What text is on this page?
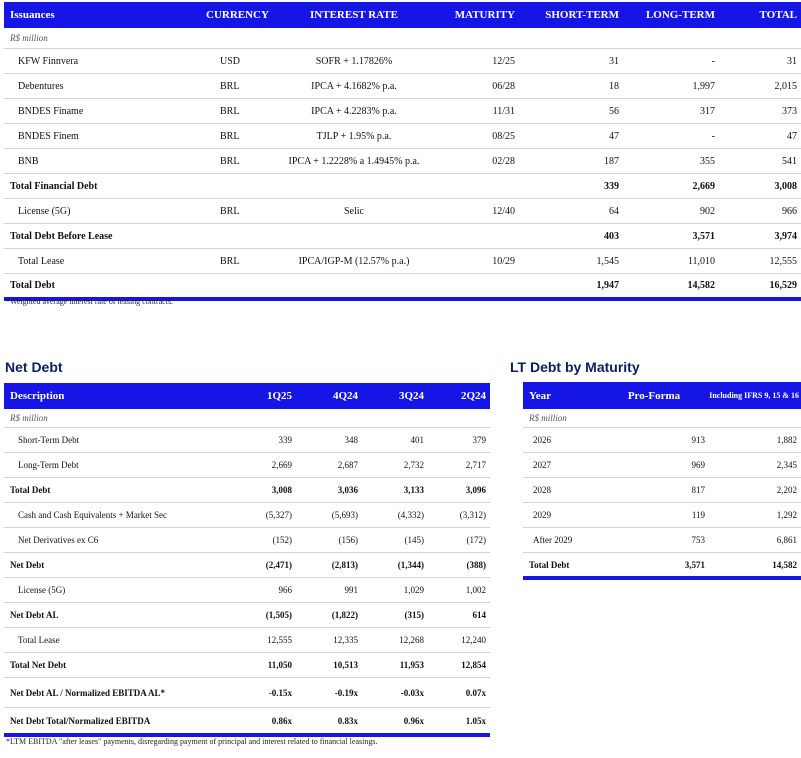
Issuances	CURRENCY	INTEREST RATE	MATURITY	SHORT-TERM	LONG-TERM	TOTAL
R$ million						
KFW Finnvera	USD	SOFR + 1.17826%	12/25	31	-	31
Debentures	BRL	IPCA + 4.1682% p.a.	06/28	18	1,997	2,015
BNDES Finame	BRL	IPCA + 4.2283% p.a.	11/31	56	317	373
BNDES Finem	BRL	TJLP + 1.95% p.a.	08/25	47	-	47
BNB	BRL	IPCA + 1.2228% a 1.4945% p.a.	02/28	187	355	541
Total Financial Debt				339	2,669	3,008
License (5G)	BRL	Selic	12/40	64	902	966
Total Debt Before Lease				403	3,571	3,974
Total Lease	BRL	IPCA/IGP-M (12.57% p.a.)	10/29	1,545	11,010	12,555
Total Debt				1,947	14,582	16,529
*Weighted average interest rate of leasing contracts.
Net Debt
Description	1Q25	4Q24	3Q24	2Q24
R$ million				
Short-Term Debt	339	348	401	379
Long-Term Debt	2,669	2,687	2,732	2,717
Total Debt	3,008	3,036	3,133	3,096
Cash and Cash Equivalents + Market Sec	(5,327)	(5,693)	(4,332)	(3,312)
Net Derivatives ex C6	(152)	(156)	(145)	(172)
Net Debt	(2,471)	(2,813)	(1,344)	(388)
License (5G)	966	991	1,029	1,002
Net Debt AL	(1,505)	(1,822)	(315)	614
Total Lease	12,555	12,335	12,268	12,240
Total Net Debt	11,050	10,513	11,953	12,854
Net Debt AL / Normalized EBITDA AL*	-0.15x	-0.19x	-0.03x	0.07x
Net Debt Total/Normalized EBITDA	0.86x	0.83x	0.96x	1.05x
*LTM EBITDA "after leases" payments, disregarding payment of principal and interest related to financial leasings.
LT Debt by Maturity
Year	Pro-Forma	Including IFRS 9, 15 & 16
R$ million		
2026	913	1,882
2027	969	2,345
2028	817	2,202
2029	119	1,292
After 2029	753	6,861
Total Debt	3,571	14,582
